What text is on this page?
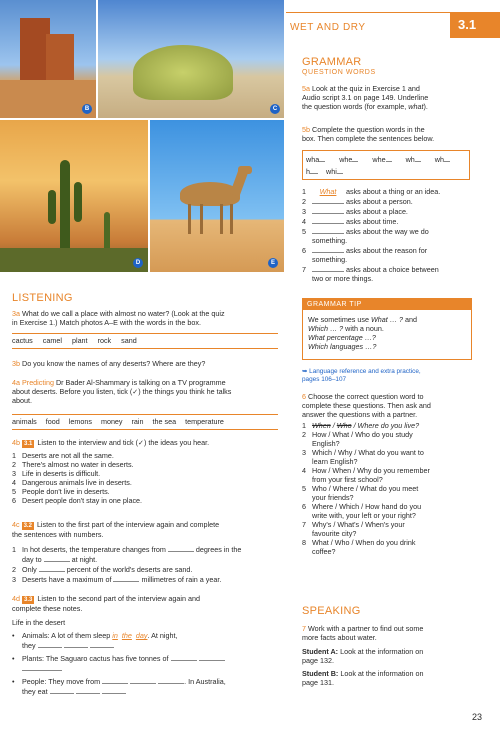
B	C
D	E
WET AND DRY	3.1
GRAMMAR
QUESTION WORDS
5a Look at the quiz in Exercise 1 and
Audio script 3.1 on page 149. Underline
the question words (for example, what).
5b Complete the question words in the
box. Then complete the sentences below.
wha	whe	whe	wh	wh
h whi
1 What asks about a thing or an idea.
2	asks about a person.
3	asks about a place.
4	asks about time.
5	asks about the way we do
something.
6	asks about the reason for
something.
7	asks about a choice between
two or more things.
GRAMMAR TIP
We sometimes use What … ? and
Which … ? with a noun.
What percentage …?
Which languages …?
➥ Language reference and extra practice,
pages 106–107
6 Choose the correct question word to
complete these questions. Then ask and
answer the questions with a partner.
1 When / Who / Where do you live?
2 How / What / Who do you study
English?
3 Which / Why / What do you want to
learn English?
4 How / When / Why do you remember
from your first school?
5 Who / Where / What do you meet
your friends?
6 Where / Which / How hand do you
write with, your left or your right?
7 Why's / What's / When's your
favourite city?
8 What / Who / When do you drink
coffee?
SPEAKING
7 Work with a partner to find out some
more facts about water.
Student A: Look at the information on
page 132.
Student B: Look at the information on
page 131.
LISTENING
3a What do we call a place with almost no water? (Look at the quiz
in Exercise 1.) Match photos A–E with the words in the box.
cactus camel plant rock sand
3b Do you know the names of any deserts? Where are they?
4a Predicting Dr Bader Al-Shammary is talking on a TV programme
about deserts. Before you listen, tick (✓) the things you think he talks
about.
animals food lemons money rain the sea temperature
4b 3.1 Listen to the interview and tick (✓) the ideas you hear.
1 Deserts are not all the same.
2 There's almost no water in deserts.
3 Life in deserts is difficult.
4 Dangerous animals live in deserts.
5 People don't live in deserts.
6 Desert people don't stay in one place.
4c 3.2 Listen to the first part of the interview again and complete
the sentences with numbers.
1 In hot deserts, the temperature changes from	degrees in the
day to	at night.
2 Only	percent of the world's deserts are sand.
3 Deserts have a maximum of	millimetres of rain a year.
4d 3.3 Listen to the second part of the interview again and
complete these notes.
Life in the desert
• Animals: A lot of them sleep in the day. At night,
they
• Plants: The Saguaro cactus has five tonnes of
• People: They move from	. In Australia,
they eat
23
